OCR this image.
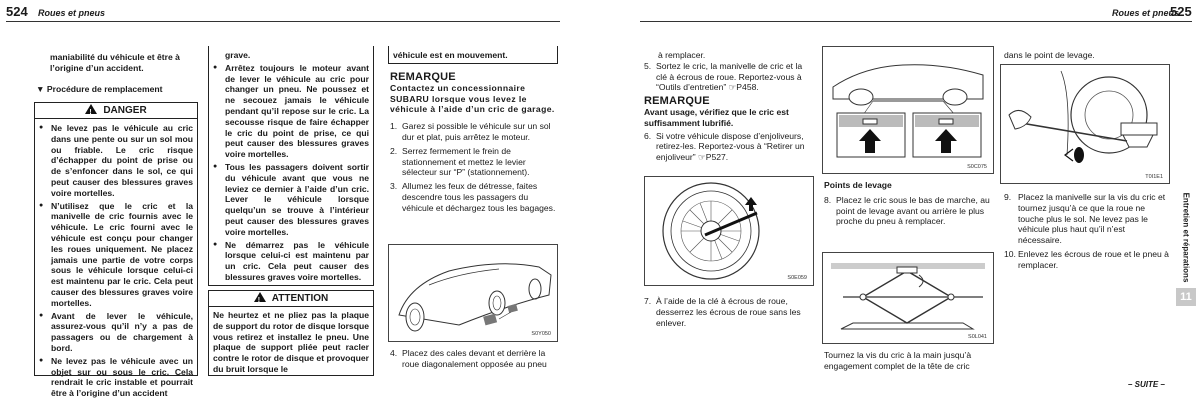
524 Roues et pneus
maniabilité du véhicule et être à l’origine d’un accident.
▼ Procédure de remplacement
!DANGER
● Ne levez pas le véhicule au cric dans une pente ou sur un sol mou ou friable. Le cric risque d’échapper du point de prise ou de s’enfoncer dans le sol, ce qui peut causer des blessures graves voire mortelles.
● N’utilisez que le cric et la manivelle de cric fournis avec le véhicule. Le cric fourni avec le véhicule est conçu pour changer les roues uniquement. Ne placez jamais une partie de votre corps sous le véhicule lorsque celui-ci est maintenu par le cric. Cela peut causer des blessures graves voire mortelles.
● Avant de lever le véhicule, assurez-vous qu’il n’y a pas de passagers ou de chargement à bord.
● Ne levez pas le véhicule avec un objet sur ou sous le cric. Cela rendrait le cric instable et pourrait être à l’origine d’un accident
grave.
● Arrêtez toujours le moteur avant de lever le véhicule au cric pour changer un pneu. Ne poussez et ne secouez jamais le véhicule pendant qu’il repose sur le cric. La secousse risque de faire échapper le cric du point de prise, ce qui peut causer des blessures graves voire mortelles.
● Tous les passagers doivent sortir du véhicule avant que vous ne leviez ce dernier à l’aide d’un cric. Lever le véhicule lorsque quelqu’un se trouve à l’intérieur peut causer des blessures graves voire mortelles.
● Ne démarrez pas le véhicule lorsque celui-ci est maintenu par un cric. Cela peut causer des blessures graves voire mortelles.
!ATTENTION
Ne heurtez et ne pliez pas la plaque de support du rotor de disque lorsque vous retirez et installez le pneu. Une plaque de support pliée peut racler contre le rotor de disque et provoquer du bruit lorsque le
véhicule est en mouvement.
REMARQUE
Contactez un concessionnaire SUBARU lorsque vous levez le véhicule à l’aide d’un cric de garage.
1. Garez si possible le véhicule sur un sol dur et plat, puis arrêtez le moteur.
2. Serrez fermement le frein de stationnement et mettez le levier sélecteur sur “P” (stationnement).
3. Allumez les feux de détresse, faites descendre tous les passagers du véhicule et déchargez tous les bagages.
S0Y050
4. Placez des cales devant et derrière la roue diagonalement opposée au pneu
Roues et pneus
525
à remplacer.
5. Sortez le cric, la manivelle de cric et la clé à écrous de roue. Reportez-vous à “Outils d’entretien” ☞P458.
REMARQUE
Avant usage, vérifiez que le cric est suffisamment lubrifié.
6. Si votre véhicule dispose d’enjoliveurs, retirez-les. Reportez-vous à “Retirer un enjoliveur” ☞P527.
S0E059
7. À l’aide de la clé à écrous de roue, desserrez les écrous de roue sans les enlever.
S0C075
Points de levage
8. Placez le cric sous le bas de marche, au point de levage avant ou arrière le plus proche du pneu à remplacer.
S0L041
Tournez la vis du cric à la main jusqu’à engagement complet de la tête de cric
dans le point de levage.
T0I1E1
9. Placez la manivelle sur la vis du cric et tournez jusqu’à ce que la roue ne touche plus le sol. Ne levez pas le véhicule plus haut qu’il n’est nécessaire.
10. Enlevez les écrous de roue et le pneu à remplacer.	Entretien et réparations
11
– SUITE –
